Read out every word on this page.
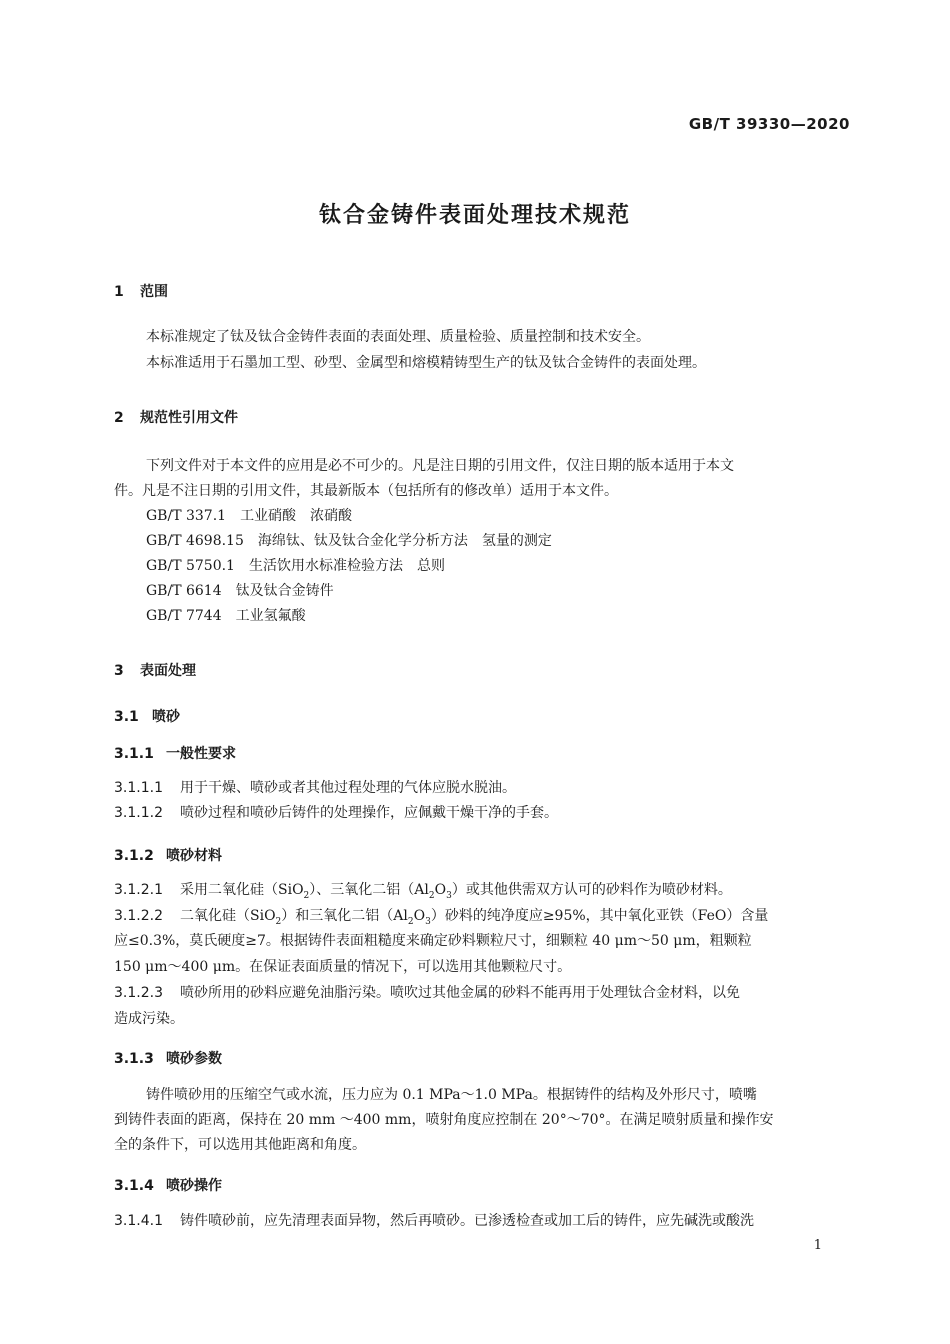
GB/T 39330—2020
钛合金铸件表面处理技术规范
1 范围
本标准规定了钛及钛合金铸件表面的表面处理、质量检验、质量控制和技术安全。
本标准适用于石墨加工型、砂型、金属型和熔模精铸型生产的钛及钛合金铸件的表面处理。
2 规范性引用文件
下列文件对于本文件的应用是必不可少的。凡是注日期的引用文件，仅注日期的版本适用于本文
件。凡是不注日期的引用文件，其最新版本（包括所有的修改单）适用于本文件。
GB/T 337.1 工业硝酸　浓硝酸
GB/T 4698.15 海绵钛、钛及钛合金化学分析方法　氢量的测定
GB/T 5750.1 生活饮用水标准检验方法　总则
GB/T 6614 钛及钛合金铸件
GB/T 7744 工业氢氟酸
3 表面处理
3.1 喷砂
3.1.1 一般性要求
3.1.1.1 用于干燥、喷砂或者其他过程处理的气体应脱水脱油。
3.1.1.2 喷砂过程和喷砂后铸件的处理操作，应佩戴干燥干净的手套。
3.1.2 喷砂材料
3.1.2.1 采用二氧化硅（SiO$_2$）、三氧化二铝$(Al_2O_3)$或其他供需双方认可的砂料作为喷砂材料。
3.1.2.2 二氧化硅（SiO$_2$）和三氧化二铝$(Al_2O_3)$砂料的纯净度应≥95%，其中氧化亚铁（FeO）含量
应≤0.3%，莫氏硬度≥7。根据铸件表面粗糙度来确定砂料颗粒尺寸，细颗粒 40 μm～50 μm，粗颗粒
150 μm～400 μm。在保证表面质量的情况下，可以选用其他颗粒尺寸。
3.1.2.3 喷砂所用的砂料应避免油脂污染。喷吹过其他金属的砂料不能再用于处理钛合金材料，以免
造成污染。
3.1.3 喷砂参数
铸件喷砂用的压缩空气或水流，压力应为 0.1 MPa～1.0 MPa。根据铸件的结构及外形尺寸，喷嘴
到铸件表面的距离，保持在 20 mm ～400 mm，喷射角度应控制在 20°～70°。在满足喷射质量和操作安
全的条件下，可以选用其他距离和角度。
3.1.4 喷砂操作
3.1.4.1 铸件喷砂前，应先清理表面异物，然后再喷砂。已渗透检查或加工后的铸件，应先碱洗或酸洗
1
